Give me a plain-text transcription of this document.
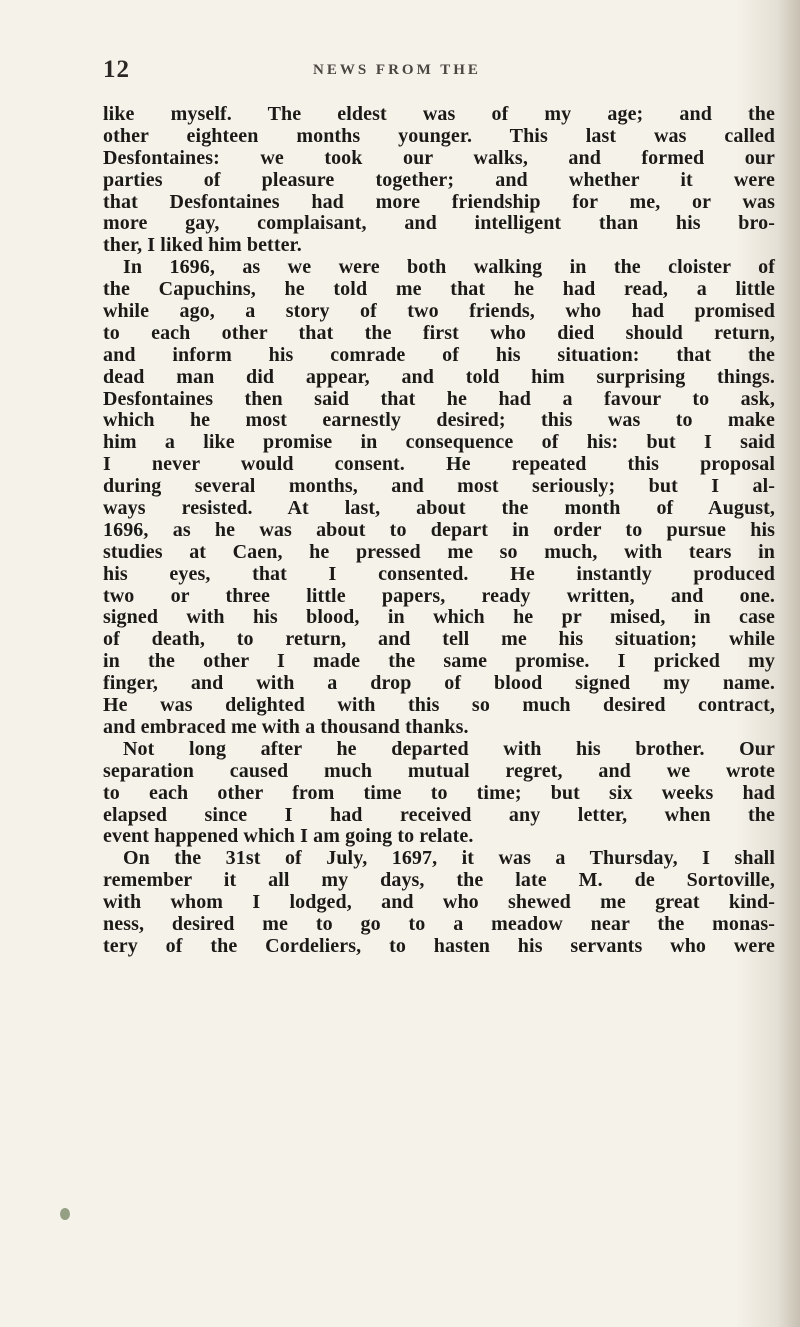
12	NEWS FROM THE
like myself. The eldest was of my age; and the
other eighteen months younger. This last was called
Desfontaines: we took our walks, and formed our
parties of pleasure together; and whether it were
that Desfontaines had more friendship for me, or was
more gay, complaisant, and intelligent than his bro-
ther, I liked him better.
In 1696, as we were both walking in the cloister of
the Capuchins, he told me that he had read, a little
while ago, a story of two friends, who had promised
to each other that the first who died should return,
and inform his comrade of his situation: that the
dead man did appear, and told him surprising things.
Desfontaines then said that he had a favour to ask,
which he most earnestly desired; this was to make
him a like promise in consequence of his: but I said
I never would consent. He repeated this proposal
during several months, and most seriously; but I al-
ways resisted. At last, about the month of August,
1696, as he was about to depart in order to pursue his
studies at Caen, he pressed me so much, with tears in
his eyes, that I consented. He instantly produced
two or three little papers, ready written, and one.
signed with his blood, in which he pr mised, in case
of death, to return, and tell me his situation; while
in the other I made the same promise. I pricked my
finger, and with a drop of blood signed my name.
He was delighted with this so much desired contract,
and embraced me with a thousand thanks.
Not long after he departed with his brother. Our
separation caused much mutual regret, and we wrote
to each other from time to time; but six weeks had
elapsed since I had received any letter, when the
event happened which I am going to relate.
On the 31st of July, 1697, it was a Thursday, I shall
remember it all my days, the late M. de Sortoville,
with whom I lodged, and who shewed me great kind-
ness, desired me to go to a meadow near the monas-
tery of the Cordeliers, to hasten his servants who were
